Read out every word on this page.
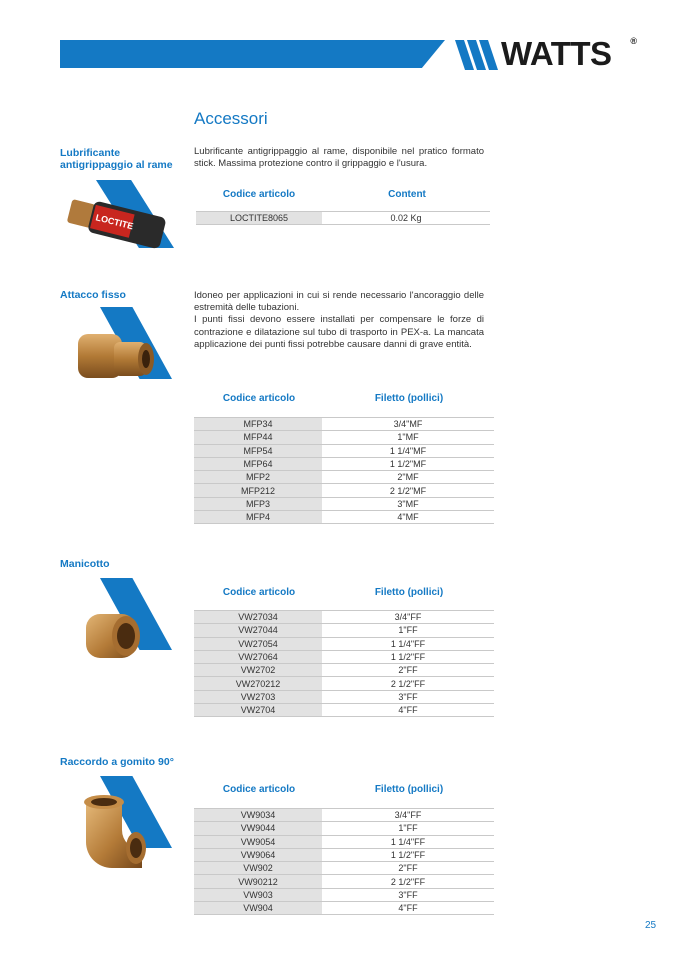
WATTS ®
Accessori
Lubrificante antigrippaggio al rame
LOCTITE
Lubrificante antigrippaggio al rame, disponibile nel pratico formato stick. Massima protezione contro il grippaggio e l'usura.
Codice articolo	Content
LOCTITE8065	0.02 Kg
Attacco fisso	Idoneo per applicazioni in cui si rende necessario l'ancoraggio delle estremità delle tubazioni.

I punti fissi devono essere installati per compensare le forze di contrazione e dilatazione sul tubo di trasporto in PEX-a. La mancata applicazione dei punti fissi potrebbe causare danni di grave entità.

Codice articolo	Filetto (pollici)
MFP34	3/4"MF
MFP44	1"MF
MFP54	1 1/4"MF
MFP64	1 1/2"MF
MFP2	2"MF
MFP212	2 1/2"MF
MFP3	3"MF
MFP4	4"MF
Manicotto
Codice articolo	Filetto (pollici)
VW27034	3/4"FF
VW27044	1"FF
VW27054	1 1/4"FF
VW27064	1 1/2"FF
VW2702	2"FF
VW270212	2 1/2"FF
VW2703	3"FF
VW2704	4"FF
Raccordo a gomito 90°
Codice articolo	Filetto (pollici)
VW9034	3/4"FF
VW9044	1"FF
VW9054	1 1/4"FF
VW9064	1 1/2"FF
VW902	2"FF
VW90212	2 1/2"FF
VW903	3"FF
VW904	4"FF
25
